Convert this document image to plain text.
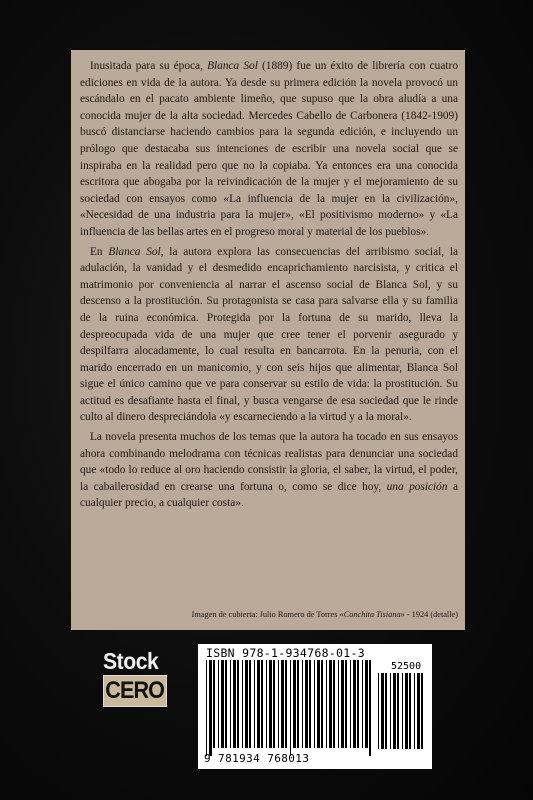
Inusitada para su época, Blanca Sol (1889) fue un éxito de librería con cuatro ediciones en vida de la autora. Ya desde su primera edición la novela provocó un escándalo en el pacato ambiente limeño, que supuso que la obra aludía a una conocida mujer de la alta sociedad. Mercedes Cabello de Carbonera (1842-1909) buscó distanciarse haciendo cambios para la segunda edición, e incluyendo un prólogo que destacaba sus intenciones de escribir una novela social que se inspiraba en la realidad pero que no la copiaba. Ya entonces era una conocida escritora que abogaba por la reivindicación de la mujer y el mejoramiento de su sociedad con ensayos como «La influencia de la mujer en la civilización», «Necesidad de una industria para la mujer», «El positivismo moderno» y «La influencia de las bellas artes en el progreso moral y material de los pueblos».

En Blanca Sol, la autora explora las consecuencias del arribismo social, la adulación, la vanidad y el desmedido encaprichamiento narcisista, y critica el matrimonio por conveniencia al narrar el ascenso social de Blanca Sol, y su descenso a la prostitución. Su protagonista se casa para salvarse ella y su familia de la ruina económica. Protegida por la fortuna de su marido, lleva la despreocupada vida de una mujer que cree tener el porvenir asegurado y despilfarra alocadamente, lo cual resulta en bancarrota. En la penuria, con el marido encerrado en un manicomio, y con seis hijos que alimentar, Blanca Sol sigue el único camino que ve para conservar su estilo de vida: la prostitución. Su actitud es desafiante hasta el final, y busca vengarse de esa sociedad que le rinde culto al dinero despreciándola «y escarneciendo a la virtud y a la moral».

La novela presenta muchos de los temas que la autora ha tocado en sus ensayos ahora combinando melodrama con técnicas realistas para denunciar una sociedad que «todo lo reduce al oro haciendo consistir la gloria, el saber, la virtud, el poder, la caballerosidad en crearse una fortuna o, como se dice hoy, una posición a cualquier precio, a cualquier costa».

Imagen de cubierta: Julio Romero de Torres «Conchita Tisiana» - 1924 (detalle)
Stock
CERO
ISBN 978-1-934768-01-3
52500
9 781934 768013
